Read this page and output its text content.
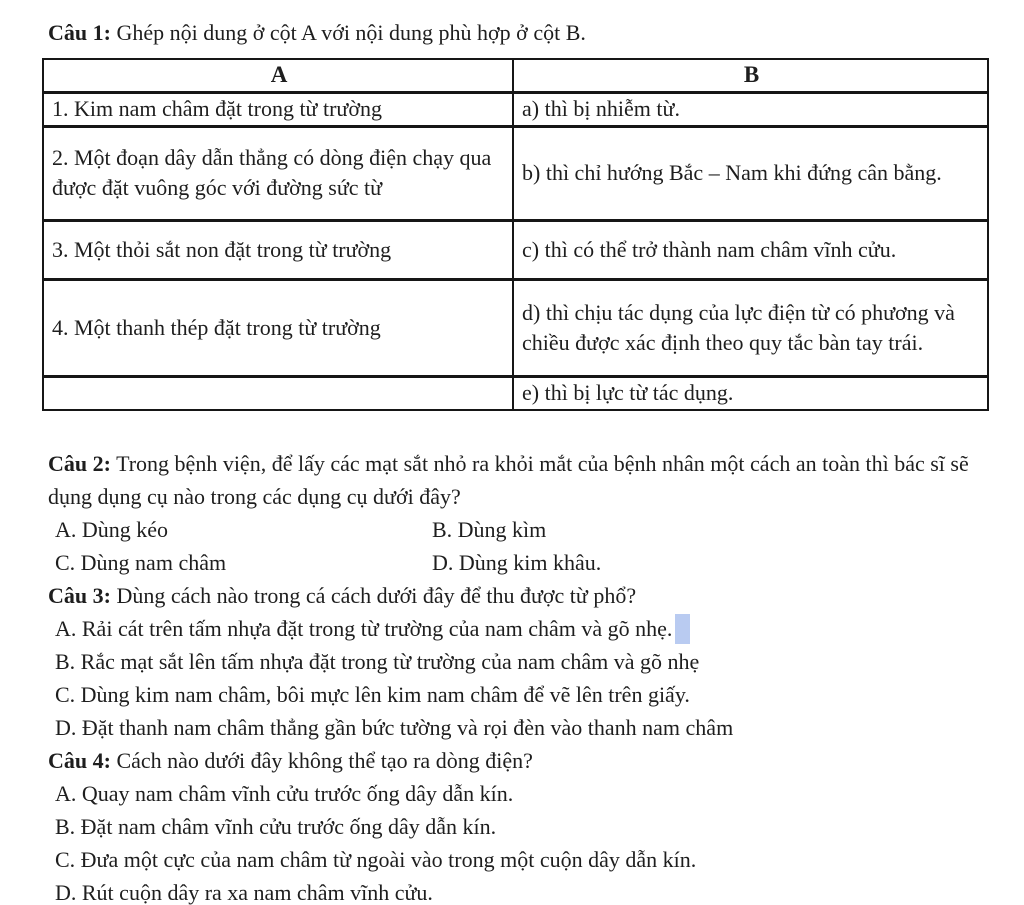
Câu 1: Ghép nội dung ở cột A với nội dung phù hợp ở cột B.

A	B
1. Kim nam châm đặt trong từ trường	a) thì bị nhiễm từ.
2. Một đoạn dây dẫn thẳng có dòng điện chạy qua được đặt vuông góc với đường sức từ	b) thì chỉ hướng Bắc – Nam khi đứng cân bằng.
3. Một thỏi sắt non đặt trong từ trường	c) thì có thể trở thành nam châm vĩnh cửu.
4. Một thanh thép đặt trong từ trường	d) thì chịu tác dụng của lực điện từ có phương và chiều được xác định theo quy tắc bàn tay trái.
	e) thì bị lực từ tác dụng.

Câu 2: Trong bệnh viện, để lấy các mạt sắt nhỏ ra khỏi mắt của bệnh nhân một cách an toàn thì bác sĩ sẽ dụng dụng cụ nào trong các dụng cụ dưới đây?

A. Dùng kéo	B. Dùng kìm
C. Dùng nam châm	D. Dùng kim khâu.

Câu 3: Dùng cách nào trong cá cách dưới đây để thu được từ phổ?

A. Rải cát trên tấm nhựa đặt trong từ trường của nam châm và gõ nhẹ.

B. Rắc mạt sắt lên tấm nhựa đặt trong từ trường của nam châm và gõ nhẹ

C. Dùng kim nam châm, bôi mực lên kim nam châm để vẽ lên trên giấy.

D. Đặt thanh nam châm thẳng gần bức tường và rọi đèn vào thanh nam châm

Câu 4: Cách nào dưới đây không thể tạo ra dòng điện?

A. Quay nam châm vĩnh cửu trước ống dây dẫn kín.

B. Đặt nam châm vĩnh cửu trước ống dây dẫn kín.

C. Đưa một cực của nam châm từ ngoài vào trong một cuộn dây dẫn kín.

D. Rút cuộn dây ra xa nam châm vĩnh cửu.
